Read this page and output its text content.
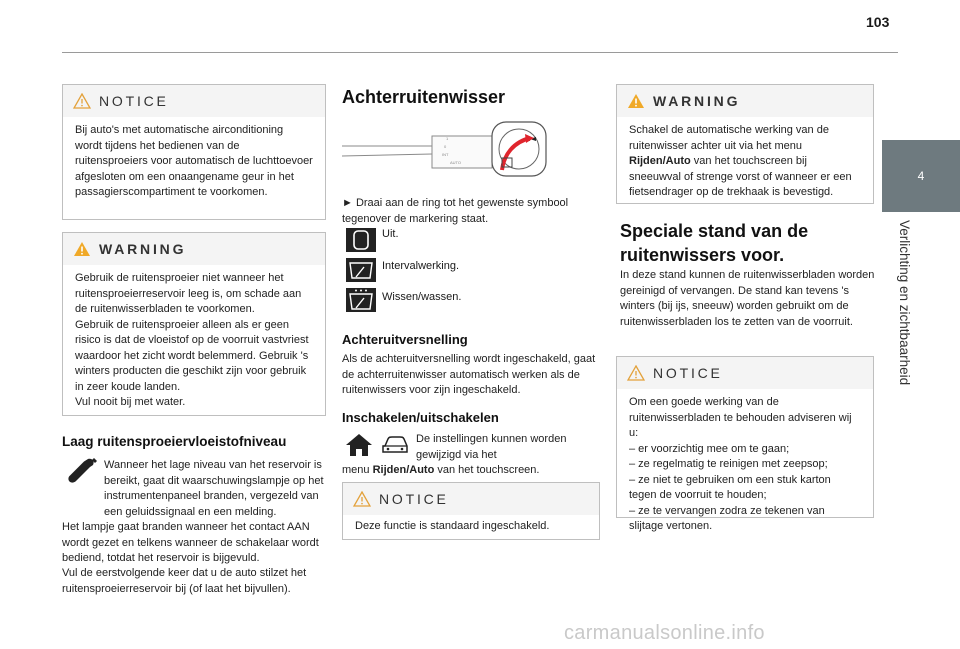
103
4
Verlichting en zichtbaarheid
NOTICE

Bij auto's met automatische airconditioning wordt tijdens het bedienen van de ruitensproeiers voor automatisch de luchttoevoer afgesloten om een onaangename geur in het passagierscompartiment te voorkomen.

WARNING

Gebruik de ruitensproeier niet wanneer het ruitensproeierreservoir leeg is, om schade aan de ruitenwisserbladen te voorkomen.

Gebruik de ruitensproeier alleen als er geen risico is dat de vloeistof op de voorruit vastvriest waardoor het zicht wordt belemmerd. Gebruik 's winters producten die geschikt zijn voor gebruik in zeer koude landen.

Vul nooit bij met water.

Laag ruitensproeiervloeistofniveau
Wanneer het lage niveau van het reservoir is bereikt, gaat dit waarschuwingslampje op het instrumentenpaneel branden, vergezeld van een geluidssignaal en een melding.
Het lampje gaat branden wanneer het contact AAN wordt gezet en telkens wanneer de schakelaar wordt bediend, totdat het reservoir is bijgevuld.
Vul de eerstvolgende keer dat u de auto stilzet het ruitensproeierreservoir bij (of laat het bijvullen).
Achterruitenwisser
1
0
INT
AUTO
► Draai aan de ring tot het gewenste symbool tegenover de markering staat.
Uit.
Intervalwerking.
Wissen/wassen.
Achteruitversnelling
Als de achteruitversnelling wordt ingeschakeld, gaat de achterruitenwisser automatisch werken als de ruitenwissers voor zijn ingeschakeld.
Inschakelen/uitschakelen
De instellingen kunnen worden gewijzigd via het
menu Rijden/Auto van het touchscreen.
NOTICE

Deze functie is standaard ingeschakeld.

WARNING

Schakel de automatische werking van de ruitenwisser achter uit via het menu Rijden/Auto van het touchscreen bij sneeuwval of strenge vorst of wanneer er een fietsendrager op de trekhaak is bevestigd.

Speciale stand van de
ruitenwissers voor.
In deze stand kunnen de ruitenwisserbladen worden gereinigd of vervangen. De stand kan tevens 's winters (bij ijs, sneeuw) worden gebruikt om de ruitenwisserbladen los te zetten van de voorruit.
NOTICE

Om een goede werking van de ruitenwisserbladen te behouden adviseren wij u:

– er voorzichtig mee om te gaan;

– ze regelmatig te reinigen met zeepsop;

– ze niet te gebruiken om een stuk karton tegen de voorruit te houden;

– ze te vervangen zodra ze tekenen van slijtage vertonen.

carmanualsonline.info
